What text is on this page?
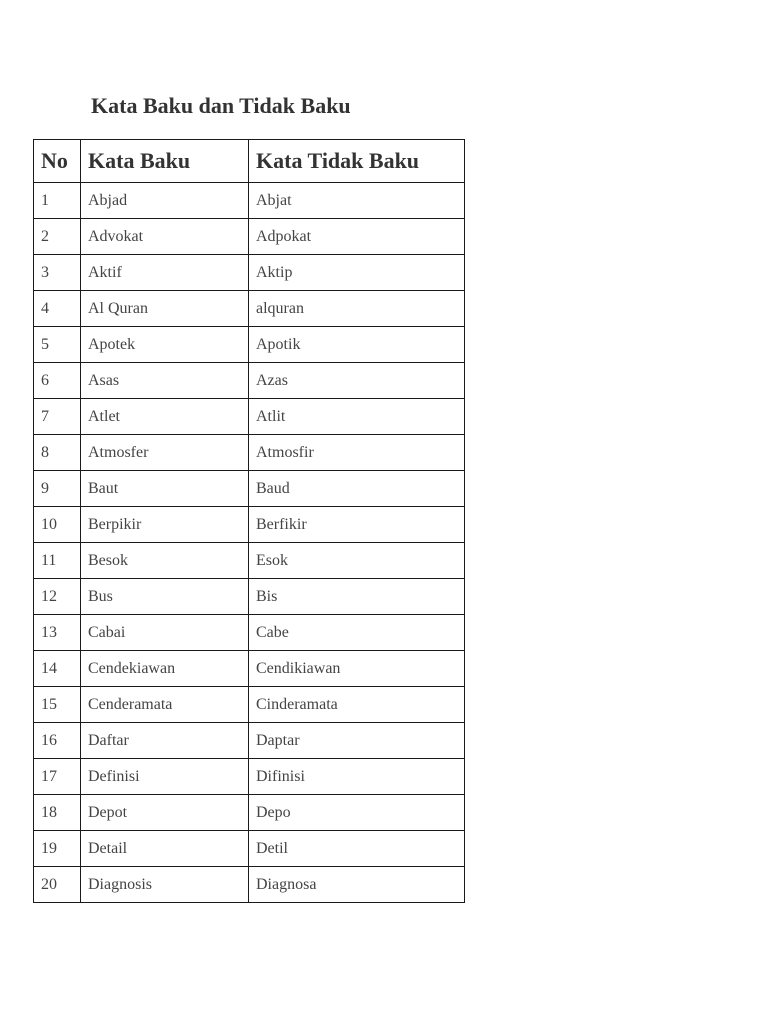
Kata Baku dan Tidak Baku
No	Kata Baku	Kata Tidak Baku
1	Abjad	Abjat
2	Advokat	Adpokat
3	Aktif	Aktip
4	Al Quran	alquran
5	Apotek	Apotik
6	Asas	Azas
7	Atlet	Atlit
8	Atmosfer	Atmosfir
9	Baut	Baud
10	Berpikir	Berfikir
11	Besok	Esok
12	Bus	Bis
13	Cabai	Cabe
14	Cendekiawan	Cendikiawan
15	Cenderamata	Cinderamata
16	Daftar	Daptar
17	Definisi	Difinisi
18	Depot	Depo
19	Detail	Detil
20	Diagnosis	Diagnosa
